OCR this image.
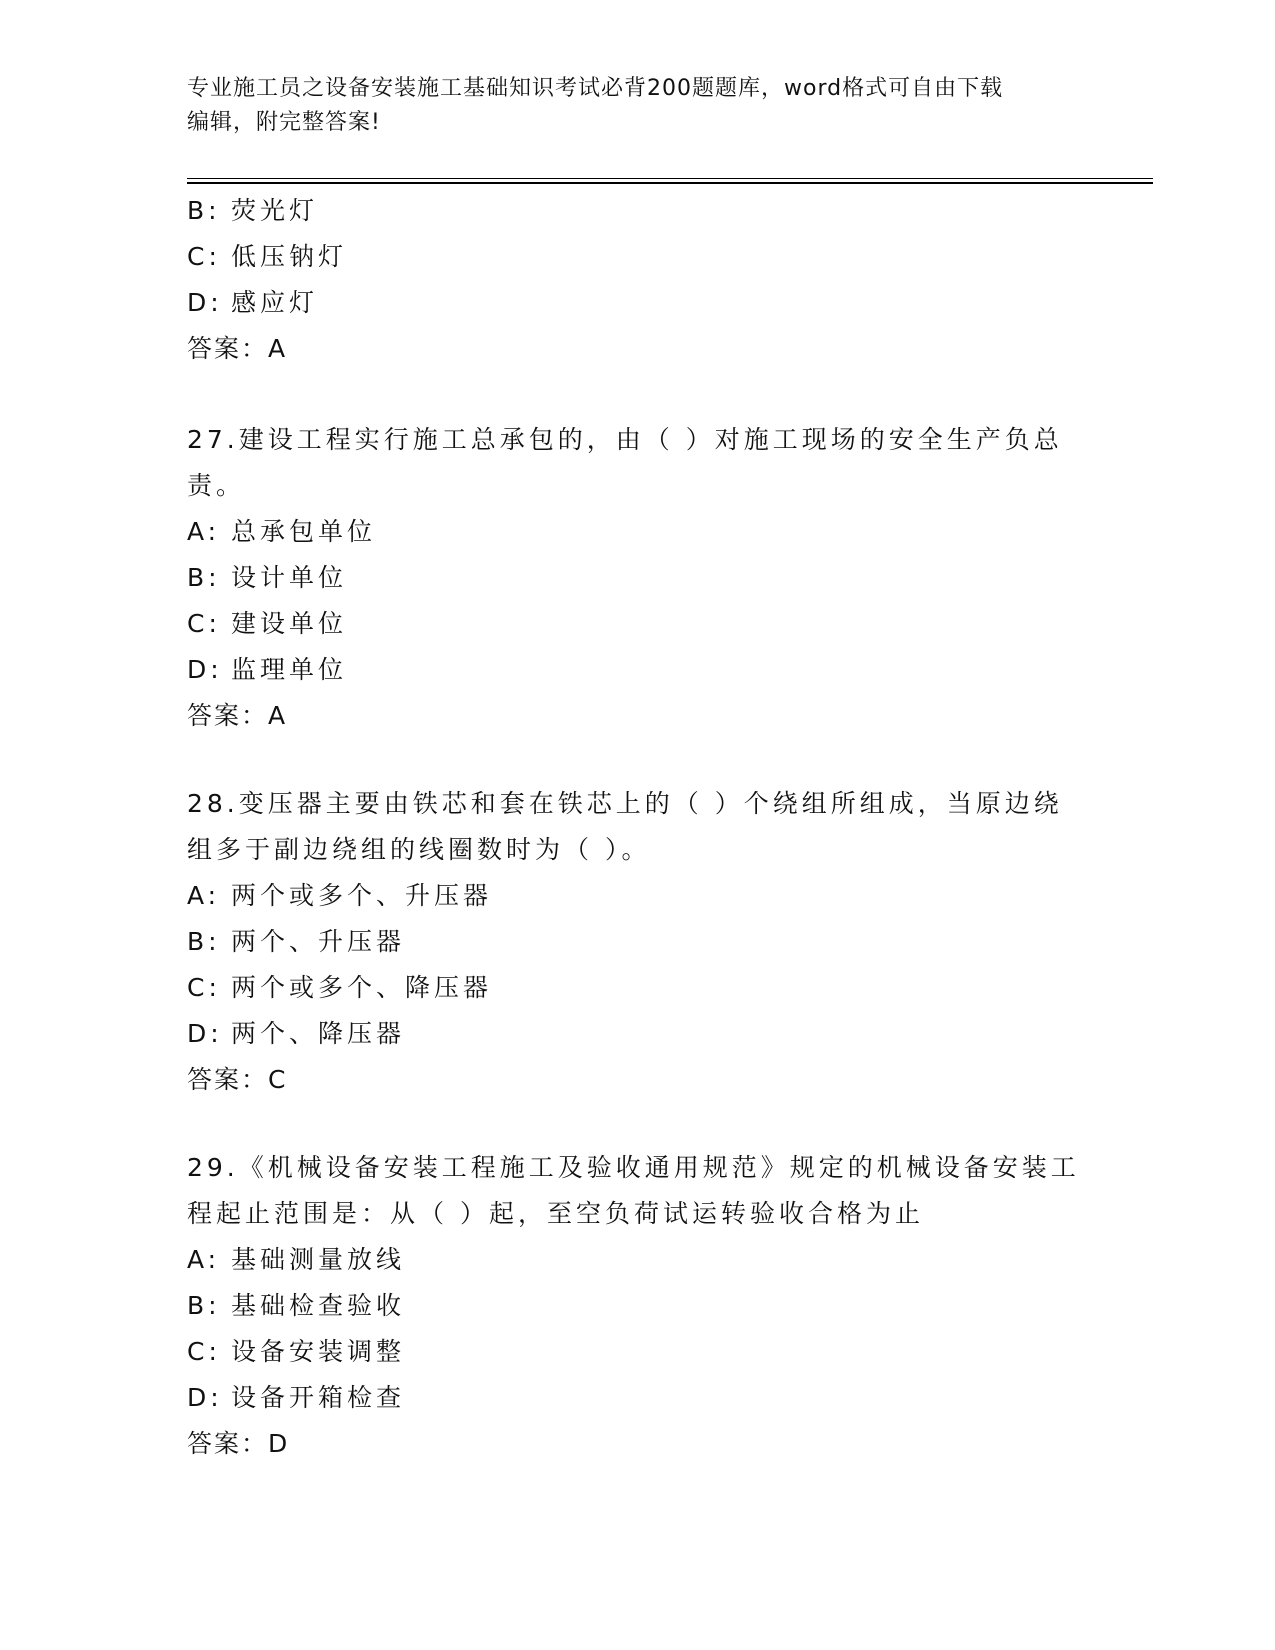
专业施工员之设备安装施工基础知识考试必背200题题库，word格式可自由下载
编辑，附完整答案!
B: 荧光灯
C: 低压钠灯
D: 感应灯
答案：A
27.建设工程实行施工总承包的，由（ ）对施工现场的安全生产负总
责。
A: 总承包单位
B: 设计单位
C: 建设单位
D: 监理单位
答案：A
28.变压器主要由铁芯和套在铁芯上的（ ）个绕组所组成，当原边绕
组多于副边绕组的线圈数时为（ ）。
A: 两个或多个、升压器
B: 两个、升压器
C: 两个或多个、降压器
D: 两个、降压器
答案：C
29.《机械设备安装工程施工及验收通用规范》规定的机械设备安装工
程起止范围是：从（ ）起，至空负荷试运转验收合格为止
A: 基础测量放线
B: 基础检查验收
C: 设备安装调整
D: 设备开箱检查
答案：D
